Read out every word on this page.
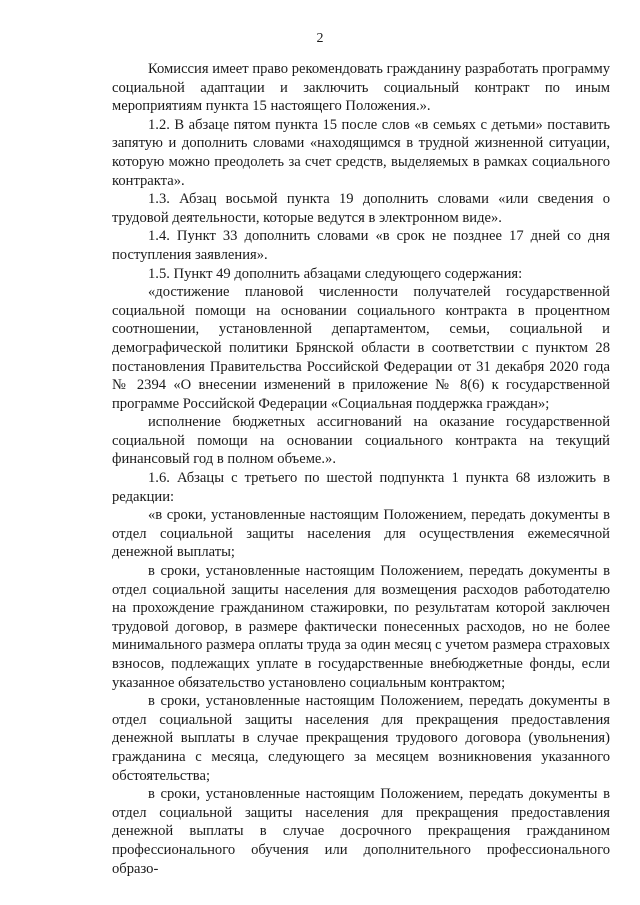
2

Комиссия имеет право рекомендовать гражданину разработать программу социальной адаптации и заключить социальный контракт по иным мероприятиям пункта 15 настоящего Положения.».

1.2. В абзаце пятом пункта 15 после слов «в семьях с детьми» поставить запятую и дополнить словами «находящимся в трудной жизненной ситуации, которую можно преодолеть за счет средств, выделяемых в рамках социального контракта».

1.3. Абзац восьмой пункта 19 дополнить словами «или сведения о трудовой деятельности, которые ведутся в электронном виде».

1.4. Пункт 33 дополнить словами «в срок не позднее 17 дней со дня поступления заявления».

1.5. Пункт 49 дополнить абзацами следующего содержания:

«достижение плановой численности получателей государственной социальной помощи на основании социального контракта в процентном соотношении, установленной департаментом, семьи, социальной и демографической политики Брянской области в соответствии с пунктом 28 постановления Правительства Российской Федерации от 31 декабря 2020 года № 2394 «О внесении изменений в приложение № 8(6) к государственной программе Российской Федерации «Социальная поддержка граждан»;

исполнение бюджетных ассигнований на оказание государственной социальной помощи на основании социального контракта на текущий финансовый год в полном объеме.».

1.6. Абзацы с третьего по шестой подпункта 1 пункта 68 изложить в редакции:

«в сроки, установленные настоящим Положением, передать документы в отдел социальной защиты населения для осуществления ежемесячной денежной выплаты;

в сроки, установленные настоящим Положением, передать документы в отдел социальной защиты населения для возмещения расходов работодателю на прохождение гражданином стажировки, по результатам которой заключен трудовой договор, в размере фактически понесенных расходов, но не более минимального размера оплаты труда за один месяц с учетом размера страховых взносов, подлежащих уплате в государственные внебюджетные фонды, если указанное обязательство установлено социальным контрактом;

в сроки, установленные настоящим Положением, передать документы в отдел социальной защиты населения для прекращения предоставления денежной выплаты в случае прекращения трудового договора (увольнения) гражданина с месяца, следующего за месяцем возникновения указанного обстоятельства;

в сроки, установленные настоящим Положением, передать документы в отдел социальной защиты населения для прекращения предоставления денежной выплаты в случае досрочного прекращения гражданином профессионального обучения или дополнительного профессионального образо-
